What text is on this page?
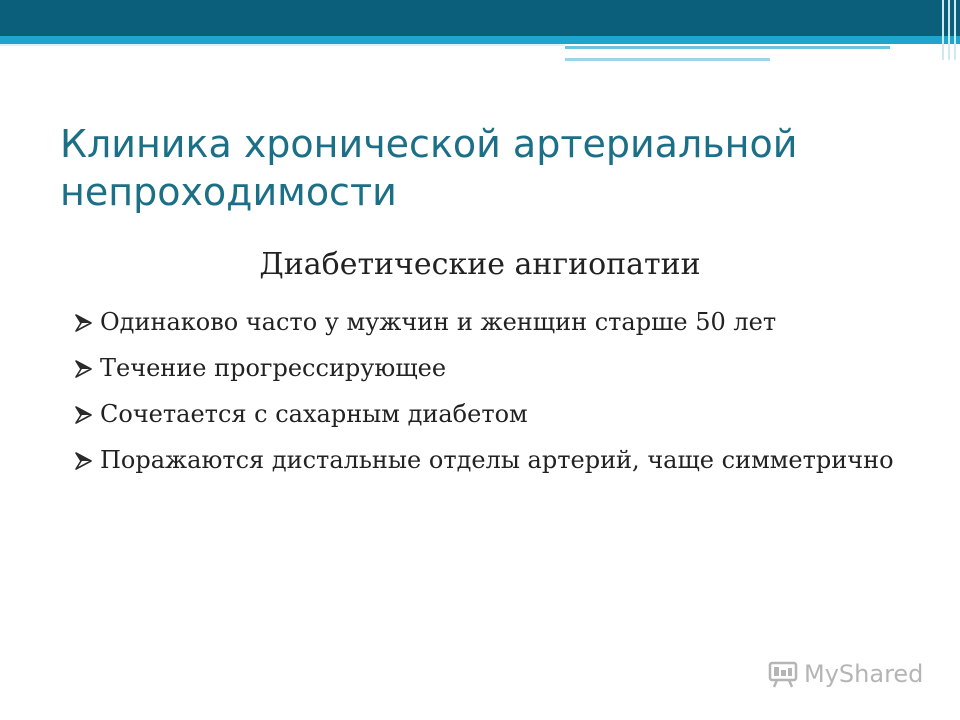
Клиника хронической артериальной непроходимости
Диабетические ангиопатии
Одинаково часто у мужчин и женщин старше 50 лет
Течение прогрессирующее
Сочетается с сахарным диабетом
Поражаются дистальные отделы артерий, чаще симметрично
MyShared
